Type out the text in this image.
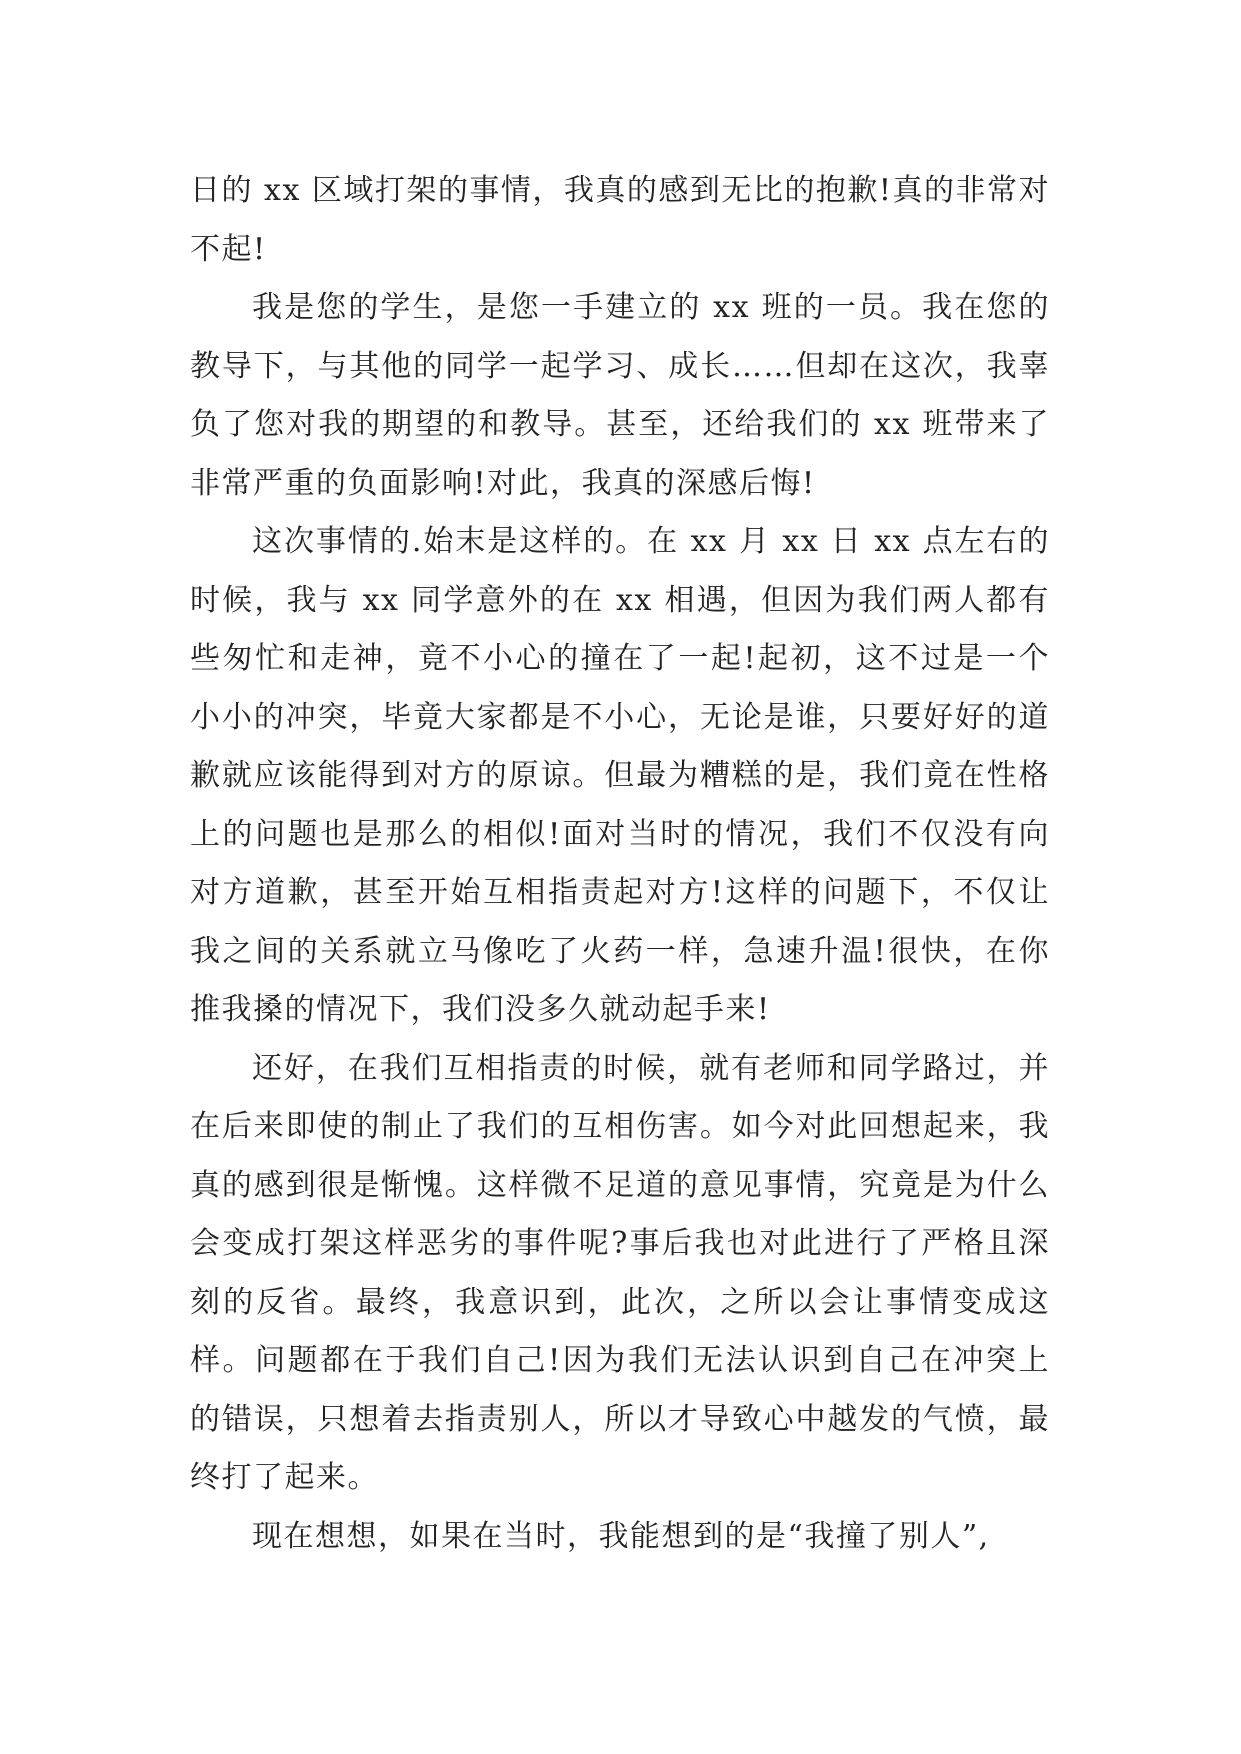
日的 xx 区域打架的事情，我真的感到无比的抱歉!真的非常对不起!

我是您的学生，是您一手建立的 xx 班的一员。我在您的教导下，与其他的同学一起学习、成长……但却在这次，我辜负了您对我的期望的和教导。甚至，还给我们的 xx 班带来了非常严重的负面影响!对此，我真的深感后悔!

这次事情的.始末是这样的。在 xx 月 xx 日 xx 点左右的时候，我与 xx 同学意外的在 xx 相遇，但因为我们两人都有些匆忙和走神，竟不小心的撞在了一起!起初，这不过是一个小小的冲突，毕竟大家都是不小心，无论是谁，只要好好的道歉就应该能得到对方的原谅。但最为糟糕的是，我们竟在性格上的问题也是那么的相似!面对当时的情况，我们不仅没有向对方道歉，甚至开始互相指责起对方!这样的问题下，不仅让我之间的关系就立马像吃了火药一样，急速升温!很快，在你推我搡的情况下，我们没多久就动起手来!

还好，在我们互相指责的时候，就有老师和同学路过，并在后来即使的制止了我们的互相伤害。如今对此回想起来，我真的感到很是惭愧。这样微不足道的意见事情，究竟是为什么会变成打架这样恶劣的事件呢?事后我也对此进行了严格且深刻的反省。最终，我意识到，此次，之所以会让事情变成这样。问题都在于我们自己!因为我们无法认识到自己在冲突上的错误，只想着去指责别人，所以才导致心中越发的气愤，最终打了起来。

现在想想，如果在当时，我能想到的是“我撞了别人”,
